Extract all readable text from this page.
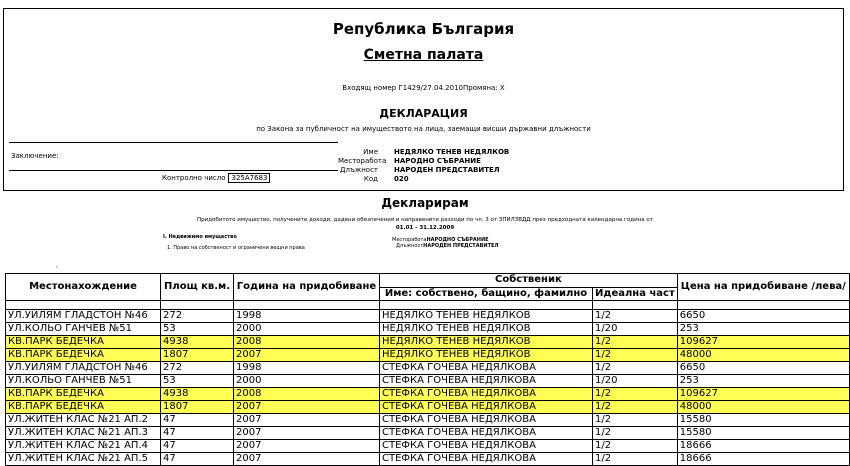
Република България
Сметна палата
Входящ номер Г1429/27.04.2010Промяна: X
ДЕКЛАРАЦИЯ
по Закона за публичност на имуществото на лица, заемащи висши държавни длъжности
Заключение:
Контролно число 325A7683
Име НЕДЯЛКО ТЕНЕВ НЕДЯЛКОВ
Месторабота НАРОДНО СЪБРАНИЕ
Длъжност НАРОДЕН ПРЕДСТАВИТЕЛ
Код 020
Декларирам
Придобитото имущество, получените доходи, дадени обезпечения и направените разходи по чл. 3 от ЗПИЛЗВДД през предходната календарна година от
01.01 - 31.12.2009
I. Недвижимо имущество
1. Право на собственост и ограничени вещни права
МестоработаНАРОДНО СЪБРАНИЕ
ДлъжностНАРОДЕН ПРЕДСТАВИТЕЛ
'
Местонахождение	Площ кв.м.	Година на придобиване	Собственик		Цена на придобиване /лева/
			Име: собствено, бащино, фамилно	Идеална част	

УЛ.УЙЛЯМ ГЛАДСТОН №46	272	1998	НЕДЯЛКО ТЕНЕВ НЕДЯЛКОВ	1/2	6650
УЛ.КОЛЬО ГАНЧЕВ №51	53	2000	НЕДЯЛКО ТЕНЕВ НЕДЯЛКОВ	1/20	253
КВ.ПАРК БЕДЕЧКА	4938	2008	НЕДЯЛКО ТЕНЕВ НЕДЯЛКОВ	1/2	109627
КВ.ПАРК БЕДЕЧКА	1807	2007	НЕДЯЛКО ТЕНЕВ НЕДЯЛКОВ	1/2	48000
УЛ.УЙЛЯМ ГЛАДСТОН №46	272	1998	СТЕФКА ГОЧЕВА НЕДЯЛКОВА	1/2	6650
УЛ.КОЛЬО ГАНЧЕВ №51	53	2000	СТЕФКА ГОЧЕВА НЕДЯЛКОВА	1/20	253
КВ.ПАРК БЕДЕЧКА	4938	2008	СТЕФКА ГОЧЕВА НЕДЯЛКОВА	1/2	109627
КВ.ПАРК БЕДЕЧКА	1807	2007	СТЕФКА ГОЧЕВА НЕДЯЛКОВА	1/2	48000
УЛ.ЖИТЕН КЛАС №21 АП.2	47	2007	СТЕФКА ГОЧЕВА НЕДЯЛКОВА	1/2	15580
УЛ.ЖИТЕН КЛАС №21 АП.3	47	2007	СТЕФКА ГОЧЕВА НЕДЯЛКОВА	1/2	15580
УЛ.ЖИТЕН КЛАС №21 АП.4	47	2007	СТЕФКА ГОЧЕВА НЕДЯЛКОВА	1/2	18666
УЛ.ЖИТЕН КЛАС №21 АП.5	47	2007	СТЕФКА ГОЧЕВА НЕДЯЛКОВА	1/2	18666
